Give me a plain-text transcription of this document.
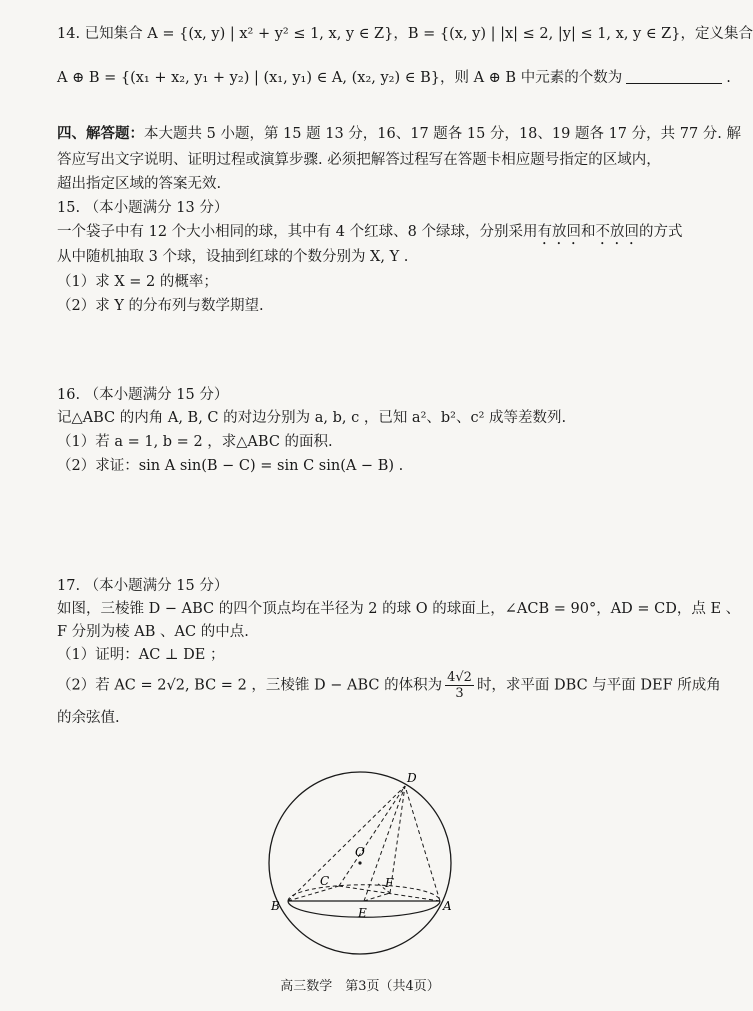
14. 已知集合 A = {(x, y) | x² + y² ≤ 1, x, y ∈ Z}，B = {(x, y) | |x| ≤ 2, |y| ≤ 1, x, y ∈ Z}，定义集合
A ⊕ B = {(x₁ + x₂, y₁ + y₂) | (x₁, y₁) ∈ A, (x₂, y₂) ∈ B}，则 A ⊕ B 中元素的个数为	.
四、解答题：本大题共 5 小题，第 15 题 13 分，16、17 题各 15 分，18、19 题各 17 分，共 77 分. 解
答应写出文字说明、证明过程或演算步骤. 必须把解答过程写在答题卡相应题号指定的区域内，
超出指定区域的答案无效.
15. （本小题满分 13 分）
一个袋子中有 12 个大小相同的球，其中有 4 个红球、8 个绿球，分别采用有放回和不放回的方式
从中随机抽取 3 个球，设抽到红球的个数分别为 X, Y .
（1）求 X = 2 的概率；
（2）求 Y 的分布列与数学期望.
16. （本小题满分 15 分）
记△ABC 的内角 A, B, C 的对边分别为 a, b, c ，已知 a²、b²、c² 成等差数列.
（1）若 a = 1, b = 2 ，求△ABC 的面积.
（2）求证：sin A sin(B − C) = sin C sin(A − B) .
17. （本小题满分 15 分）
如图，三棱锥 D − ABC 的四个顶点均在半径为 2 的球 O 的球面上，∠ACB = 90°，AD = CD，点 E 、
F 分别为棱 AB 、AC 的中点.
（1）证明：AC ⊥ DE ；
（2）若 AC = 2√2, BC = 2 ，三棱锥 D − ABC 的体积为 $\frac{4√2}{3}$ 时，求平面 DBC 与平面 DEF 所成角
的余弦值.
D
O
C	F
B	E	A
高三数学　第3页（共4页）
